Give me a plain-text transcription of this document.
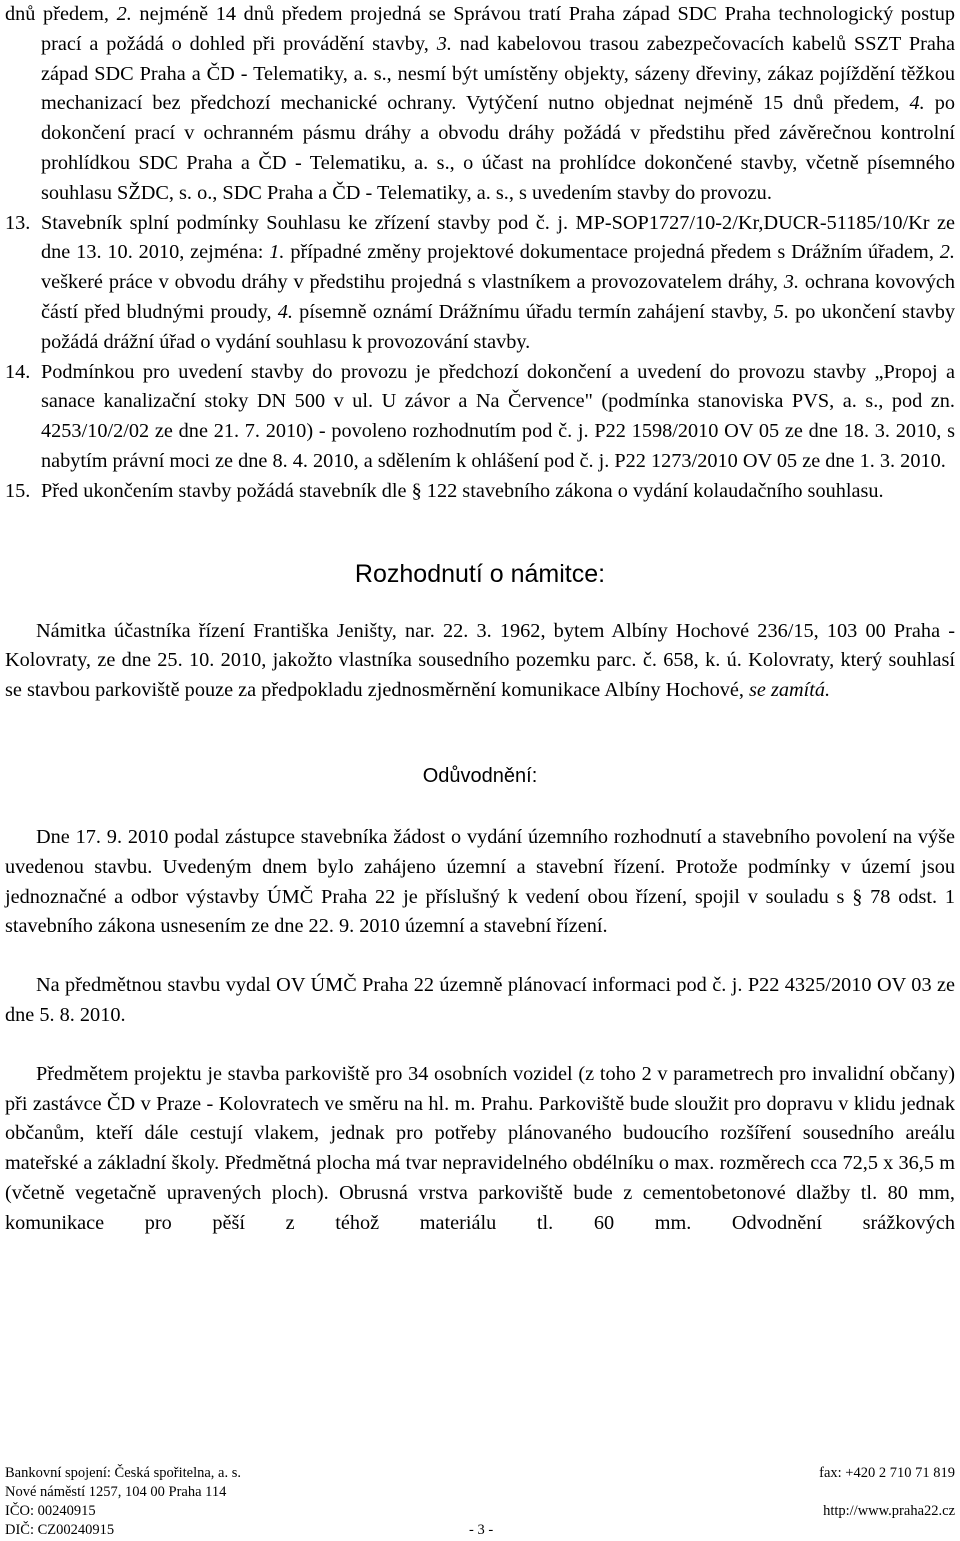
dnů předem, 2. nejméně 14 dnů předem projedná se Správou tratí Praha západ SDC Praha technologický postup prací a požádá o dohled při provádění stavby, 3. nad kabelovou trasou zabezpečovacích kabelů SSZT Praha západ SDC Praha a ČD - Telematiky, a. s., nesmí být umístěny objekty, sázeny dřeviny, zákaz pojíždění těžkou mechanizací bez předchozí mechanické ochrany. Vytýčení nutno objednat nejméně 15 dnů předem, 4. po dokončení prací v ochranném pásmu dráhy a obvodu dráhy požádá v předstihu před závěrečnou kontrolní prohlídkou SDC Praha a ČD - Telematiku, a. s., o účast na prohlídce dokončené stavby, včetně písemného souhlasu SŽDC, s. o., SDC Praha a ČD - Telematiky, a. s., s uvedením stavby do provozu.

13. Stavebník splní podmínky Souhlasu ke zřízení stavby pod č. j. MP-SOP1727/10-2/Kr,DUCR-51185/10/Kr ze dne 13. 10. 2010, zejména: 1. případné změny projektové dokumentace projedná předem s Drážním úřadem, 2. veškeré práce v obvodu dráhy v předstihu projedná s vlastníkem a provozovatelem dráhy, 3. ochrana kovových částí před bludnými proudy, 4. písemně oznámí Drážnímu úřadu termín zahájení stavby, 5. po ukončení stavby požádá drážní úřad o vydání souhlasu k provozování stavby.
14. Podmínkou pro uvedení stavby do provozu je předchozí dokončení a uvedení do provozu stavby „Propoj a sanace kanalizační stoky DN 500 v ul. U závor a Na Července" (podmínka stanoviska PVS, a. s., pod zn. 4253/10/2/02 ze dne 21. 7. 2010) - povoleno rozhodnutím pod č. j. P22 1598/2010 OV 05 ze dne 18. 3. 2010, s nabytím právní moci ze dne 8. 4. 2010, a sdělením k ohlášení pod č. j. P22 1273/2010 OV 05 ze dne 1. 3. 2010.
15. Před ukončením stavby požádá stavebník dle § 122 stavebního zákona o vydání kolaudačního souhlasu.
Rozhodnutí o námitce:

Námitka účastníka řízení Františka Jeništy, nar. 22. 3. 1962, bytem Albíny Hochové 236/15, 103 00 Praha - Kolovraty, ze dne 25. 10. 2010, jakožto vlastníka sousedního pozemku parc. č. 658, k. ú. Kolovraty, který souhlasí se stavbou parkoviště pouze za předpokladu zjednosměrnění komunikace Albíny Hochové, se zamítá.

Odůvodnění:

Dne 17. 9. 2010 podal zástupce stavebníka žádost o vydání územního rozhodnutí a stavebního povolení na výše uvedenou stavbu. Uvedeným dnem bylo zahájeno územní a stavební řízení. Protože podmínky v území jsou jednoznačné a odbor výstavby ÚMČ Praha 22 je příslušný k vedení obou řízení, spojil v souladu s § 78 odst. 1 stavebního zákona usnesením ze dne 22. 9. 2010 územní a stavební řízení.

Na předmětnou stavbu vydal OV ÚMČ Praha 22 územně plánovací informaci pod č. j. P22 4325/2010 OV 03 ze dne 5. 8. 2010.

Předmětem projektu je stavba parkoviště pro 34 osobních vozidel (z toho 2 v parametrech pro invalidní občany) při zastávce ČD v Praze - Kolovratech ve směru na hl. m. Prahu. Parkoviště bude sloužit pro dopravu v klidu jednak občanům, kteří dále cestují vlakem, jednak pro potřeby plánovaného budoucího rozšíření sousedního areálu mateřské a základní školy. Předmětná plocha má tvar nepravidelného obdélníku o max. rozměrech cca 72,5 x 36,5 m (včetně vegetačně upravených ploch). Obrusná vrstva parkoviště bude z cementobetonové dlažby tl. 80 mm, komunikace pro pěší z téhož materiálu tl. 60 mm. Odvodnění srážkových

Bankovní spojení: Česká spořitelna, a. s.	fax: +420 2 710 71 819
Nové náměstí 1257, 104 00 Praha 114
IČO: 00240915	http://www.praha22.cz
DIČ: CZ00240915	- 3 -
